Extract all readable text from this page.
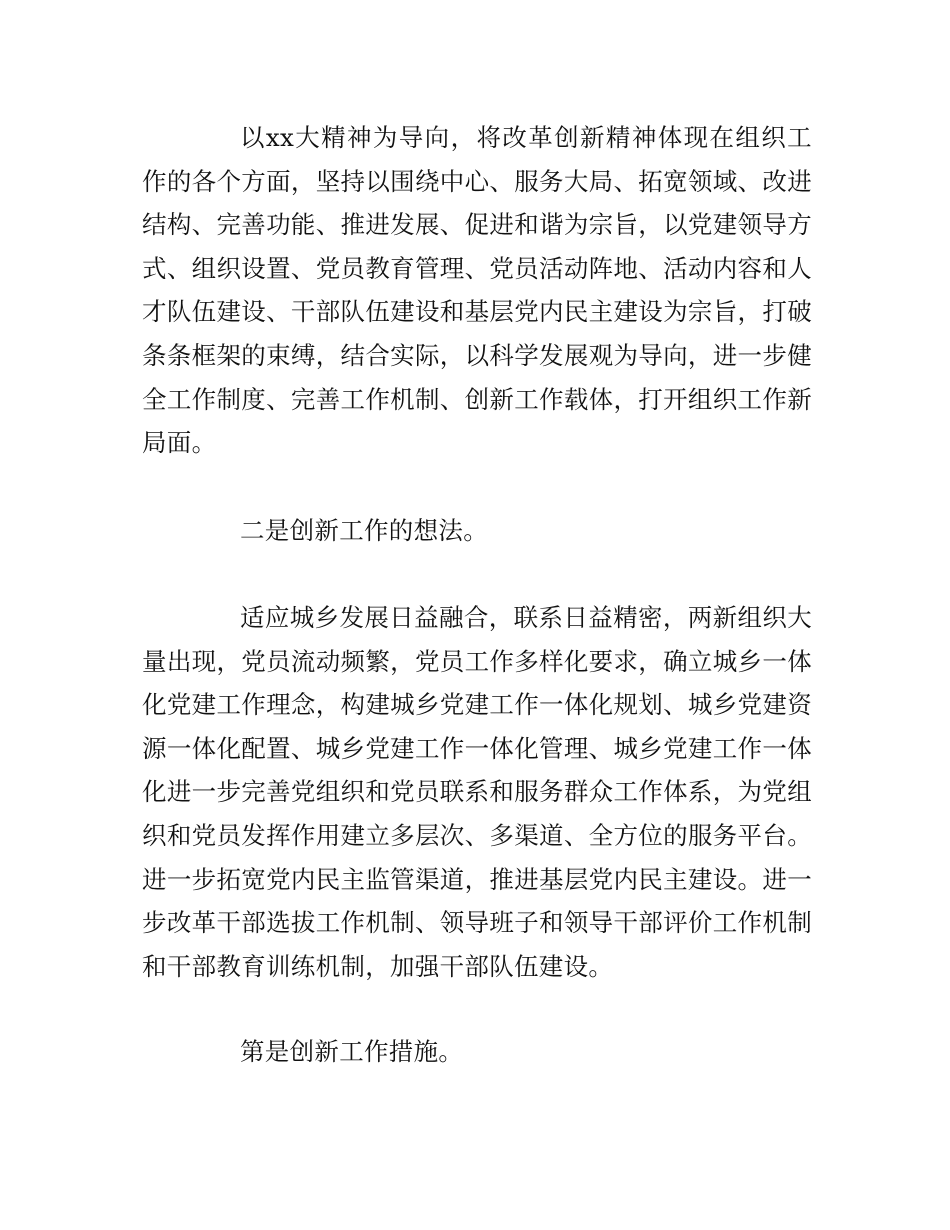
以xx大精神为导向，将改革创新精神体现在组织工作的各个方面，坚持以围绕中心、服务大局、拓宽领域、改进结构、完善功能、推进发展、促进和谐为宗旨，以党建领导方式、组织设置、党员教育管理、党员活动阵地、活动内容和人才队伍建设、干部队伍建设和基层党内民主建设为宗旨，打破条条框架的束缚，结合实际，以科学发展观为导向，进一步健全工作制度、完善工作机制、创新工作载体，打开组织工作新局面。

二是创新工作的想法。

适应城乡发展日益融合，联系日益精密，两新组织大量出现，党员流动频繁，党员工作多样化要求，确立城乡一体化党建工作理念，构建城乡党建工作一体化规划、城乡党建资源一体化配置、城乡党建工作一体化管理、城乡党建工作一体化进一步完善党组织和党员联系和服务群众工作体系，为党组织和党员发挥作用建立多层次、多渠道、全方位的服务平台。进一步拓宽党内民主监管渠道，推进基层党内民主建设。进一步改革干部选拔工作机制、领导班子和领导干部评价工作机制和干部教育训练机制，加强干部队伍建设。

第是创新工作措施。
